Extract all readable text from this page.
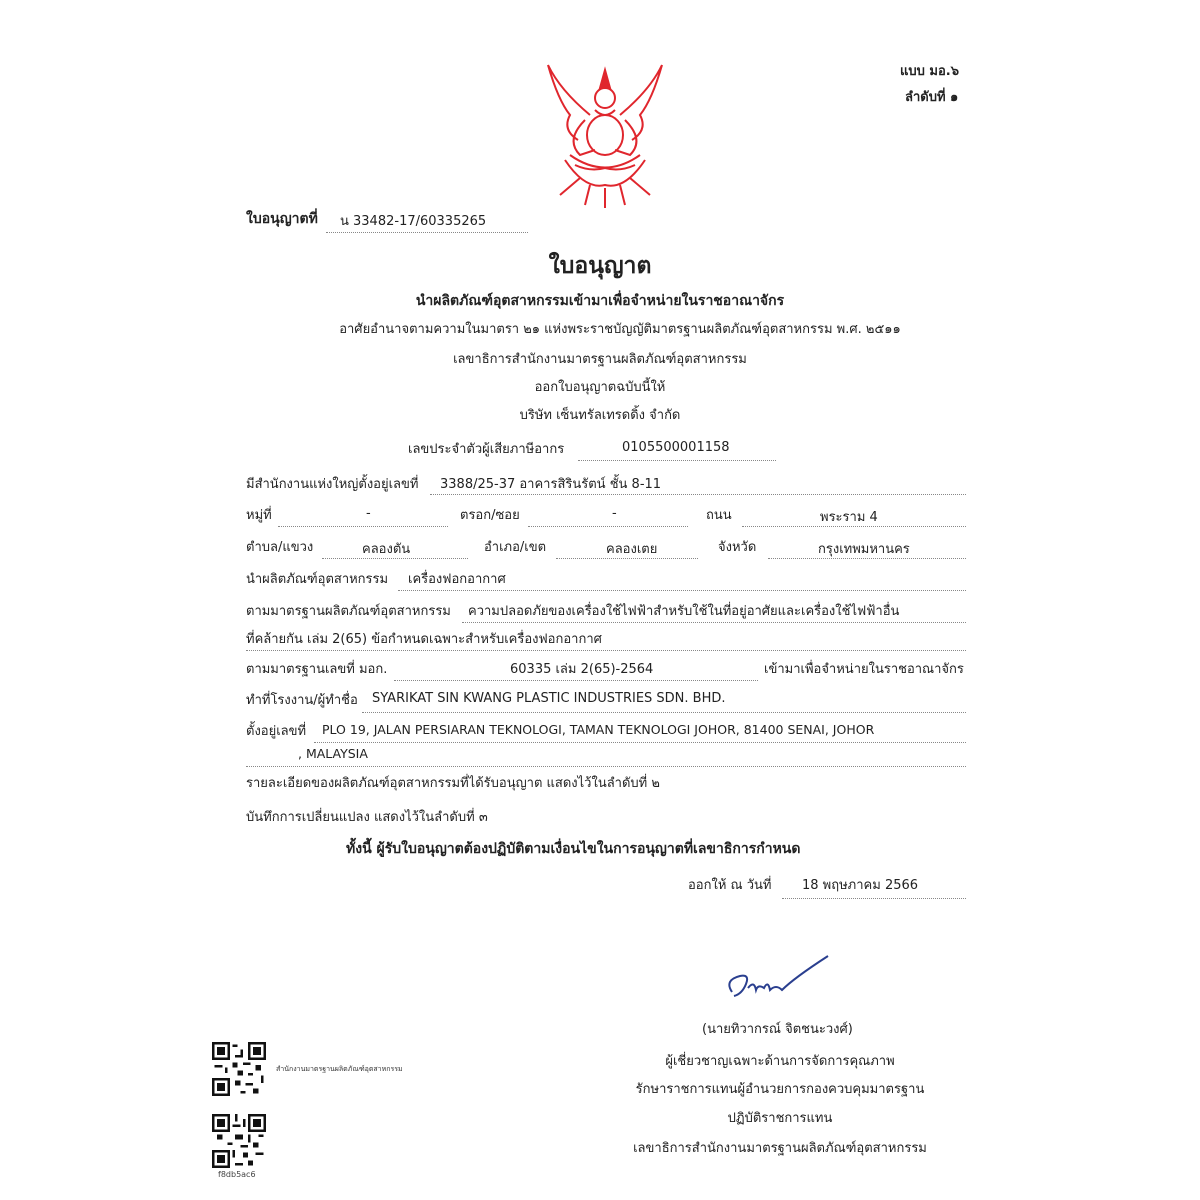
แบบ มอ.๖
ลำดับที่ ๑
ใบอนุญาตที่ น 33482-17/60335265
ใบอนุญาต
นำผลิตภัณฑ์อุตสาหกรรมเข้ามาเพื่อจำหน่ายในราชอาณาจักร
อาศัยอำนาจตามความในมาตรา ๒๑ แห่งพระราชบัญญัติมาตรฐานผลิตภัณฑ์อุตสาหกรรม พ.ศ. ๒๕๑๑
เลขาธิการสำนักงานมาตรฐานผลิตภัณฑ์อุตสาหกรรม
ออกใบอนุญาตฉบับนี้ให้
บริษัท เซ็นทรัลเทรดดิ้ง จำกัด
เลขประจำตัวผู้เสียภาษีอากร	0105500001158
มีสำนักงานแห่งใหญ่ตั้งอยู่เลขที่ 3388/25-37 อาคารสิรินรัตน์ ชั้น 8-11
หมู่ที่	-	ตรอก/ซอย	-	ถนน	พระราม 4
ตำบล/แขวง	คลองตัน	อำเภอ/เขต	คลองเตย	จังหวัด	กรุงเทพมหานคร
นำผลิตภัณฑ์อุตสาหกรรม เครื่องฟอกอากาศ
ตามมาตรฐานผลิตภัณฑ์อุตสาหกรรม ความปลอดภัยของเครื่องใช้ไฟฟ้าสำหรับใช้ในที่อยู่อาศัยและเครื่องใช้ไฟฟ้าอื่น
ที่คล้ายกัน เล่ม 2(65) ข้อกำหนดเฉพาะสำหรับเครื่องฟอกอากาศ
ตามมาตรฐานเลขที่ มอก.	60335 เล่ม 2(65)-2564	เข้ามาเพื่อจำหน่ายในราชอาณาจักร
ทำที่โรงงาน/ผู้ทำชื่อ SYARIKAT SIN KWANG PLASTIC INDUSTRIES SDN. BHD.
ตั้งอยู่เลขที่ PLO 19, JALAN PERSIARAN TEKNOLOGI, TAMAN TEKNOLOGI JOHOR, 81400 SENAI, JOHOR
, MALAYSIA
รายละเอียดของผลิตภัณฑ์อุตสาหกรรมที่ได้รับอนุญาต แสดงไว้ในลำดับที่ ๒
บันทึกการเปลี่ยนแปลง แสดงไว้ในลำดับที่ ๓
ทั้งนี้ ผู้รับใบอนุญาตต้องปฏิบัติตามเงื่อนไขในการอนุญาตที่เลขาธิการกำหนด
ออกให้ ณ วันที่ 18 พฤษภาคม 2566
(นายทิวากรณ์ จิตชนะวงศ์)
ผู้เชี่ยวชาญเฉพาะด้านการจัดการคุณภาพ
รักษาราชการแทนผู้อำนวยการกองควบคุมมาตรฐาน
ปฏิบัติราชการแทน
เลขาธิการสำนักงานมาตรฐานผลิตภัณฑ์อุตสาหกรรม
สำนักงานมาตรฐานผลิตภัณฑ์อุตสาหกรรม
f8db5ac6
